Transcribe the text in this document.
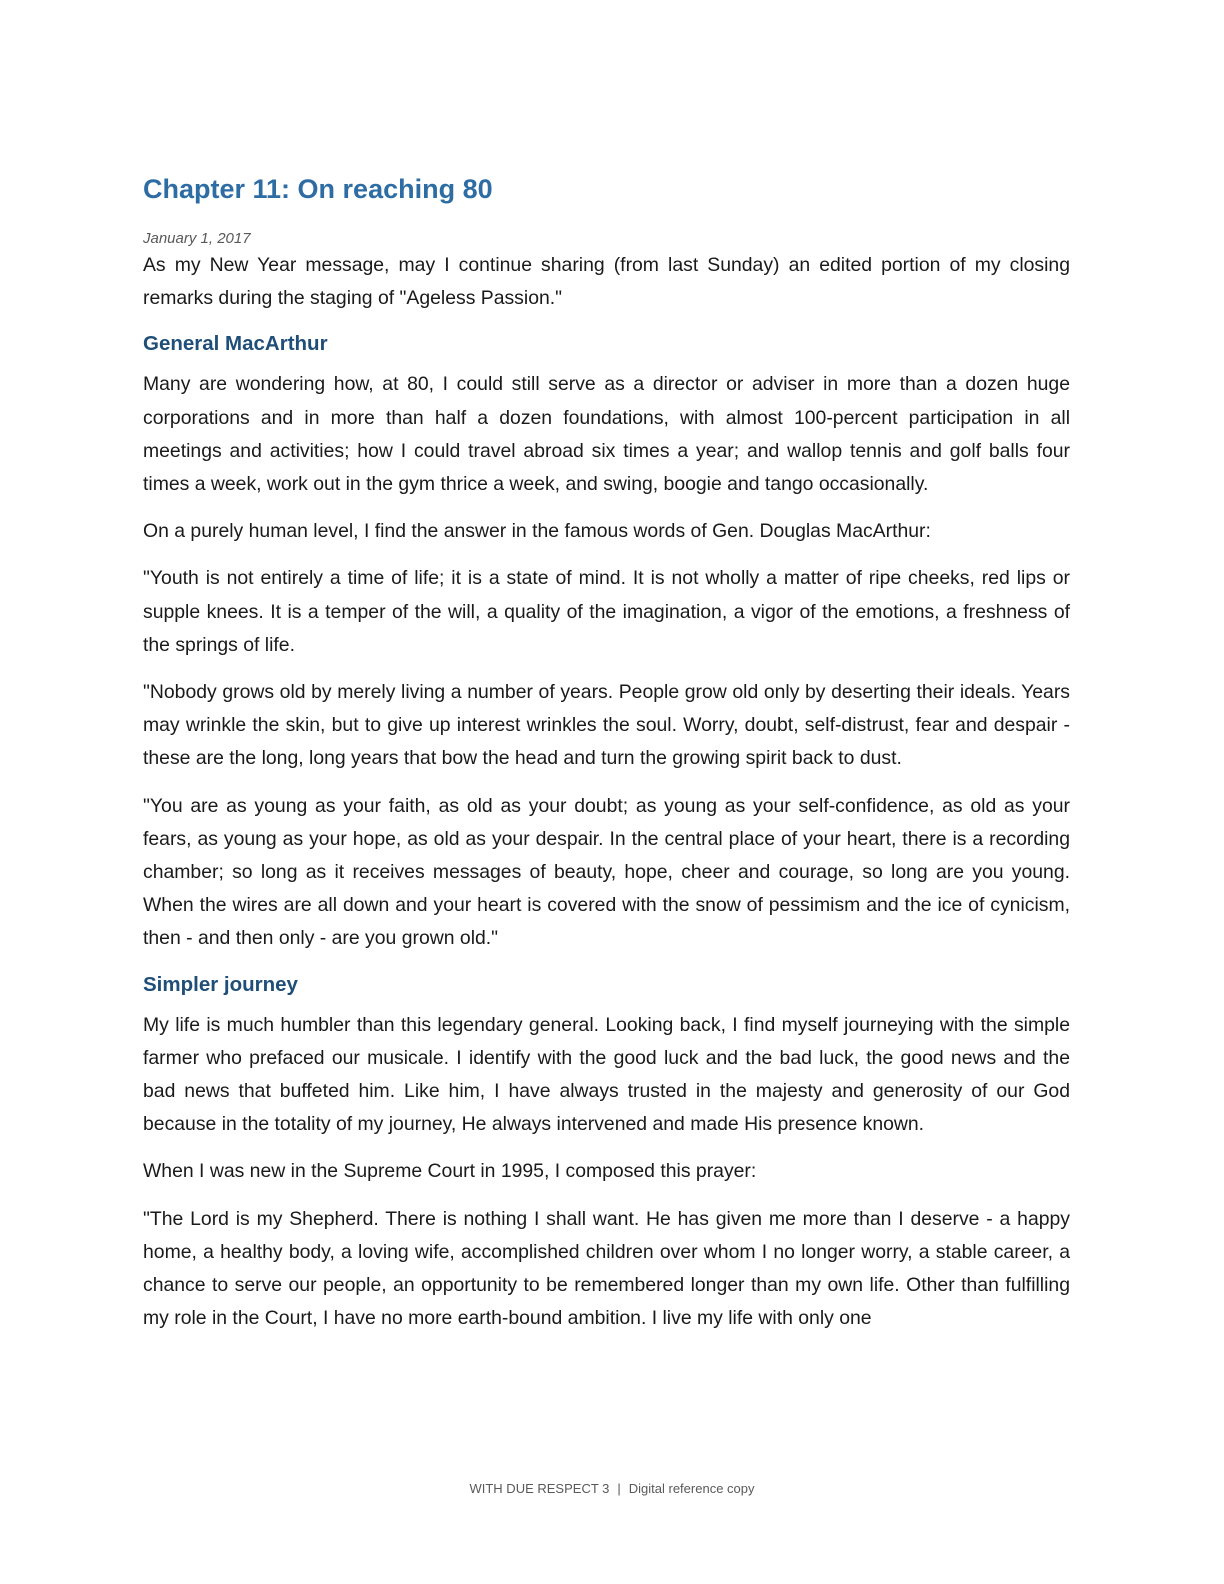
Chapter 11: On reaching 80
January 1, 2017

As my New Year message, may I continue sharing (from last Sunday) an edited portion of my closing remarks during the staging of "Ageless Passion."

General MacArthur

Many are wondering how, at 80, I could still serve as a director or adviser in more than a dozen huge corporations and in more than half a dozen foundations, with almost 100-percent participation in all meetings and activities; how I could travel abroad six times a year; and wallop tennis and golf balls four times a week, work out in the gym thrice a week, and swing, boogie and tango occasionally.

On a purely human level, I find the answer in the famous words of Gen. Douglas MacArthur:

"Youth is not entirely a time of life; it is a state of mind. It is not wholly a matter of ripe cheeks, red lips or supple knees. It is a temper of the will, a quality of the imagination, a vigor of the emotions, a freshness of the springs of life.

"Nobody grows old by merely living a number of years. People grow old only by deserting their ideals. Years may wrinkle the skin, but to give up interest wrinkles the soul. Worry, doubt, self-distrust, fear and despair - these are the long, long years that bow the head and turn the growing spirit back to dust.

"You are as young as your faith, as old as your doubt; as young as your self-confidence, as old as your fears, as young as your hope, as old as your despair. In the central place of your heart, there is a recording chamber; so long as it receives messages of beauty, hope, cheer and courage, so long are you young. When the wires are all down and your heart is covered with the snow of pessimism and the ice of cynicism, then - and then only - are you grown old."

Simpler journey

My life is much humbler than this legendary general. Looking back, I find myself journeying with the simple farmer who prefaced our musicale. I identify with the good luck and the bad luck, the good news and the bad news that buffeted him. Like him, I have always trusted in the majesty and generosity of our God because in the totality of my journey, He always intervened and made His presence known.

When I was new in the Supreme Court in 1995, I composed this prayer:

"The Lord is my Shepherd. There is nothing I shall want. He has given me more than I deserve - a happy home, a healthy body, a loving wife, accomplished children over whom I no longer worry, a stable career, a chance to serve our people, an opportunity to be remembered longer than my own life. Other than fulfilling my role in the Court, I have no more earth-bound ambition. I live my life with only one

WITH DUE RESPECT 3 | Digital reference copy
